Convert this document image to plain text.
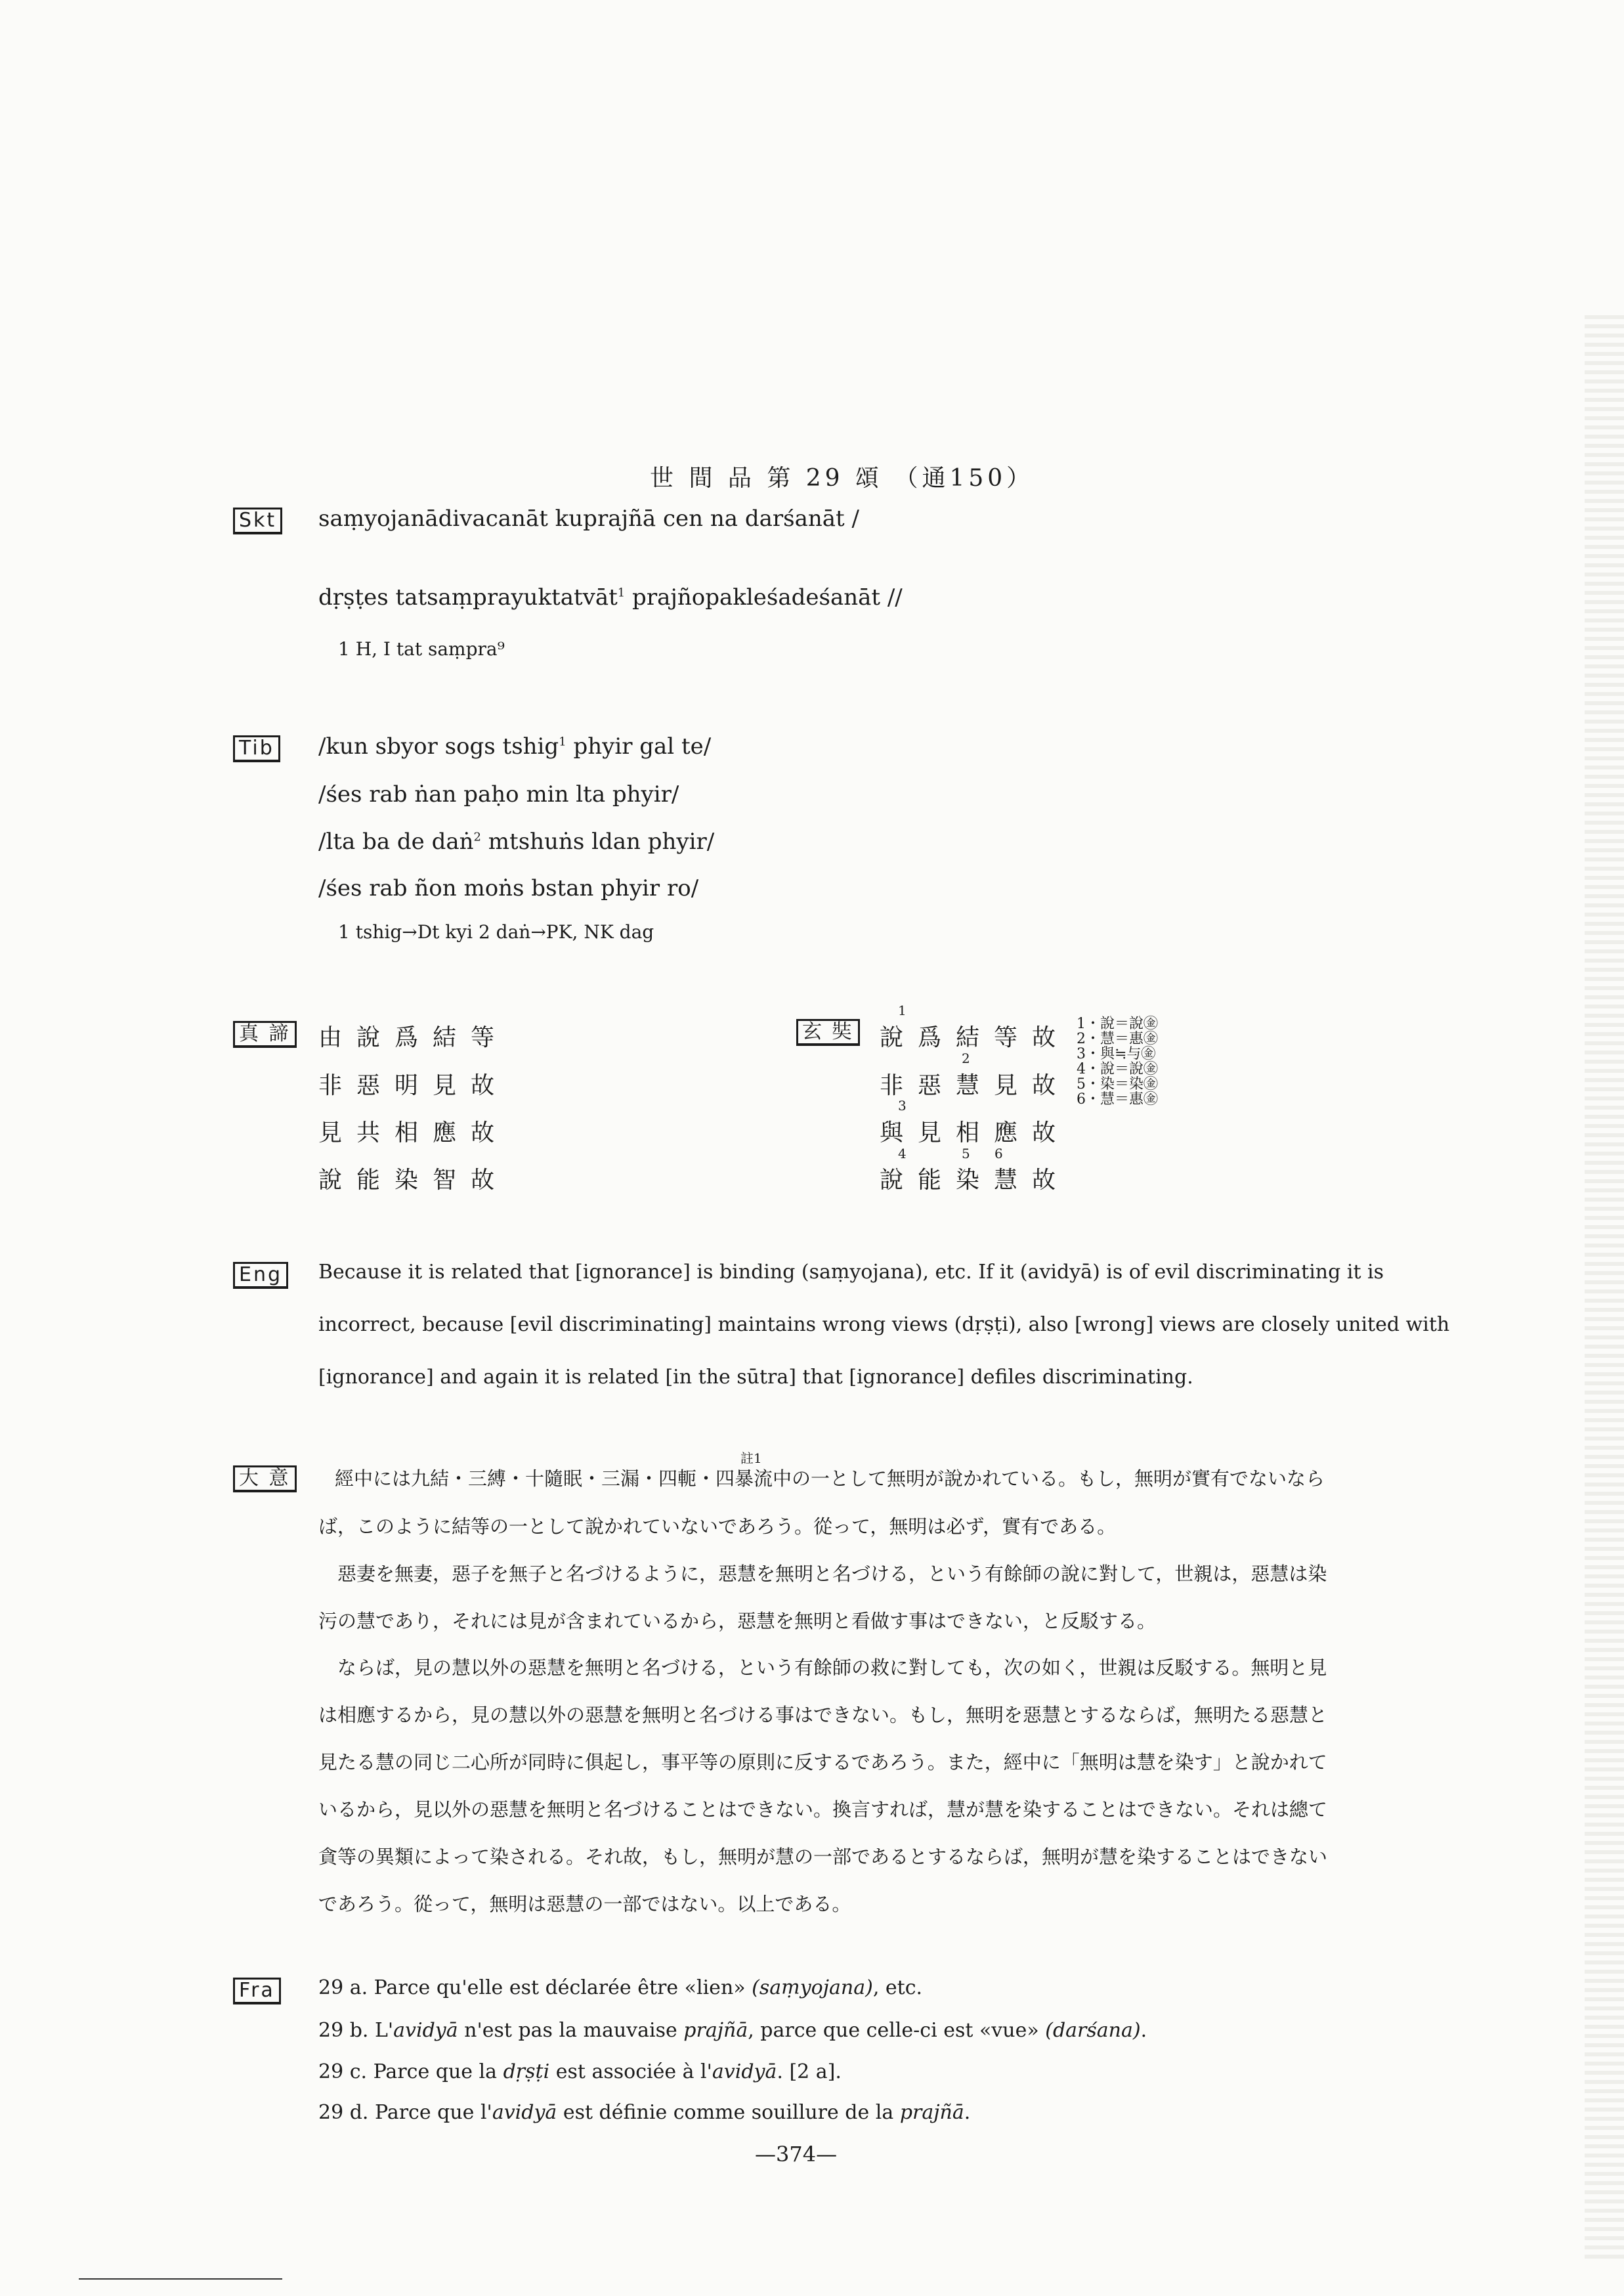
世 間 品 第 29 頌 （通150）
Skt saṃyojanādivacanāt kuprajñā cen na darśanāt /
dṛṣṭes tatsaṃprayuktatvāt$^1$ prajñopakleśadeśanāt //
1 H, I tat saṃpra⁹
Tib /kun sbyor sogs tshig$^1$ phyir gal te/
/śes rab ṅan paḥo min lta phyir/
/lta ba de daṅ$^2$ mtshuṅs ldan phyir/
/śes rab ñon moṅs bstan phyir ro/
1 tshig→Dt kyi 2 daṅ→PK, NK dag
真 諦 由說爲結等
非惡明見故
見共相應故
說能染智故
玄 奘
1
說爲結等故
2
非惡慧見故
3
與見相應故
4	5 6
說能染慧故
1・說＝說㊎
2・慧＝惠㊎
3・與≒与㊎
4・說＝說㊎
5・染＝染㊎
6・慧＝惠㊎
Eng	Because it is related that [ignorance] is binding (saṃyojana), etc. If it (avidyā) is of evil discriminating it is
incorrect, because [evil discriminating] maintains wrong views (dṛṣṭi), also [wrong] views are closely united with
[ignorance] and again it is related [in the sūtra] that [ignorance] defiles discriminating.
大 意
註1
經中には九結・三縛・十隨眠・三漏・四軛・四暴流中の一として無明が說かれている。もし，無明が實有でないなら
ば，このように結等の一として說かれていないであろう。從って，無明は必ず，實有である。
　惡妻を無妻，惡子を無子と名づけるように，惡慧を無明と名づける，という有餘師の說に對して，世親は，惡慧は染
污の慧であり，それには見が含まれているから，惡慧を無明と看做す事はできない，と反駁する。
　ならば，見の慧以外の惡慧を無明と名づける，という有餘師の救に對しても，次の如く，世親は反駁する。無明と見
は相應するから，見の慧以外の惡慧を無明と名づける事はできない。もし，無明を惡慧とするならば，無明たる惡慧と
見たる慧の同じ二心所が同時に俱起し，事平等の原則に反するであろう。また，經中に「無明は慧を染す」と說かれて
いるから，見以外の惡慧を無明と名づけることはできない。換言すれば，慧が慧を染することはできない。それは總て
貪等の異類によって染される。それ故，もし，無明が慧の一部であるとするならば，無明が慧を染することはできない
であろう。從って，無明は惡慧の一部ではない。以上である。
Fra	29 a. Parce qu'elle est déclarée être «lien» (saṃyojana), etc.
29 b. L'avidyā n'est pas la mauvaise prajñā, parce que celle-ci est «vue» (darśana).
29 c. Parce que la dṛṣṭi est associée à l'avidyā. [2 a].
29 d. Parce que l'avidyā est définie comme souillure de la prajñā.
—374—
